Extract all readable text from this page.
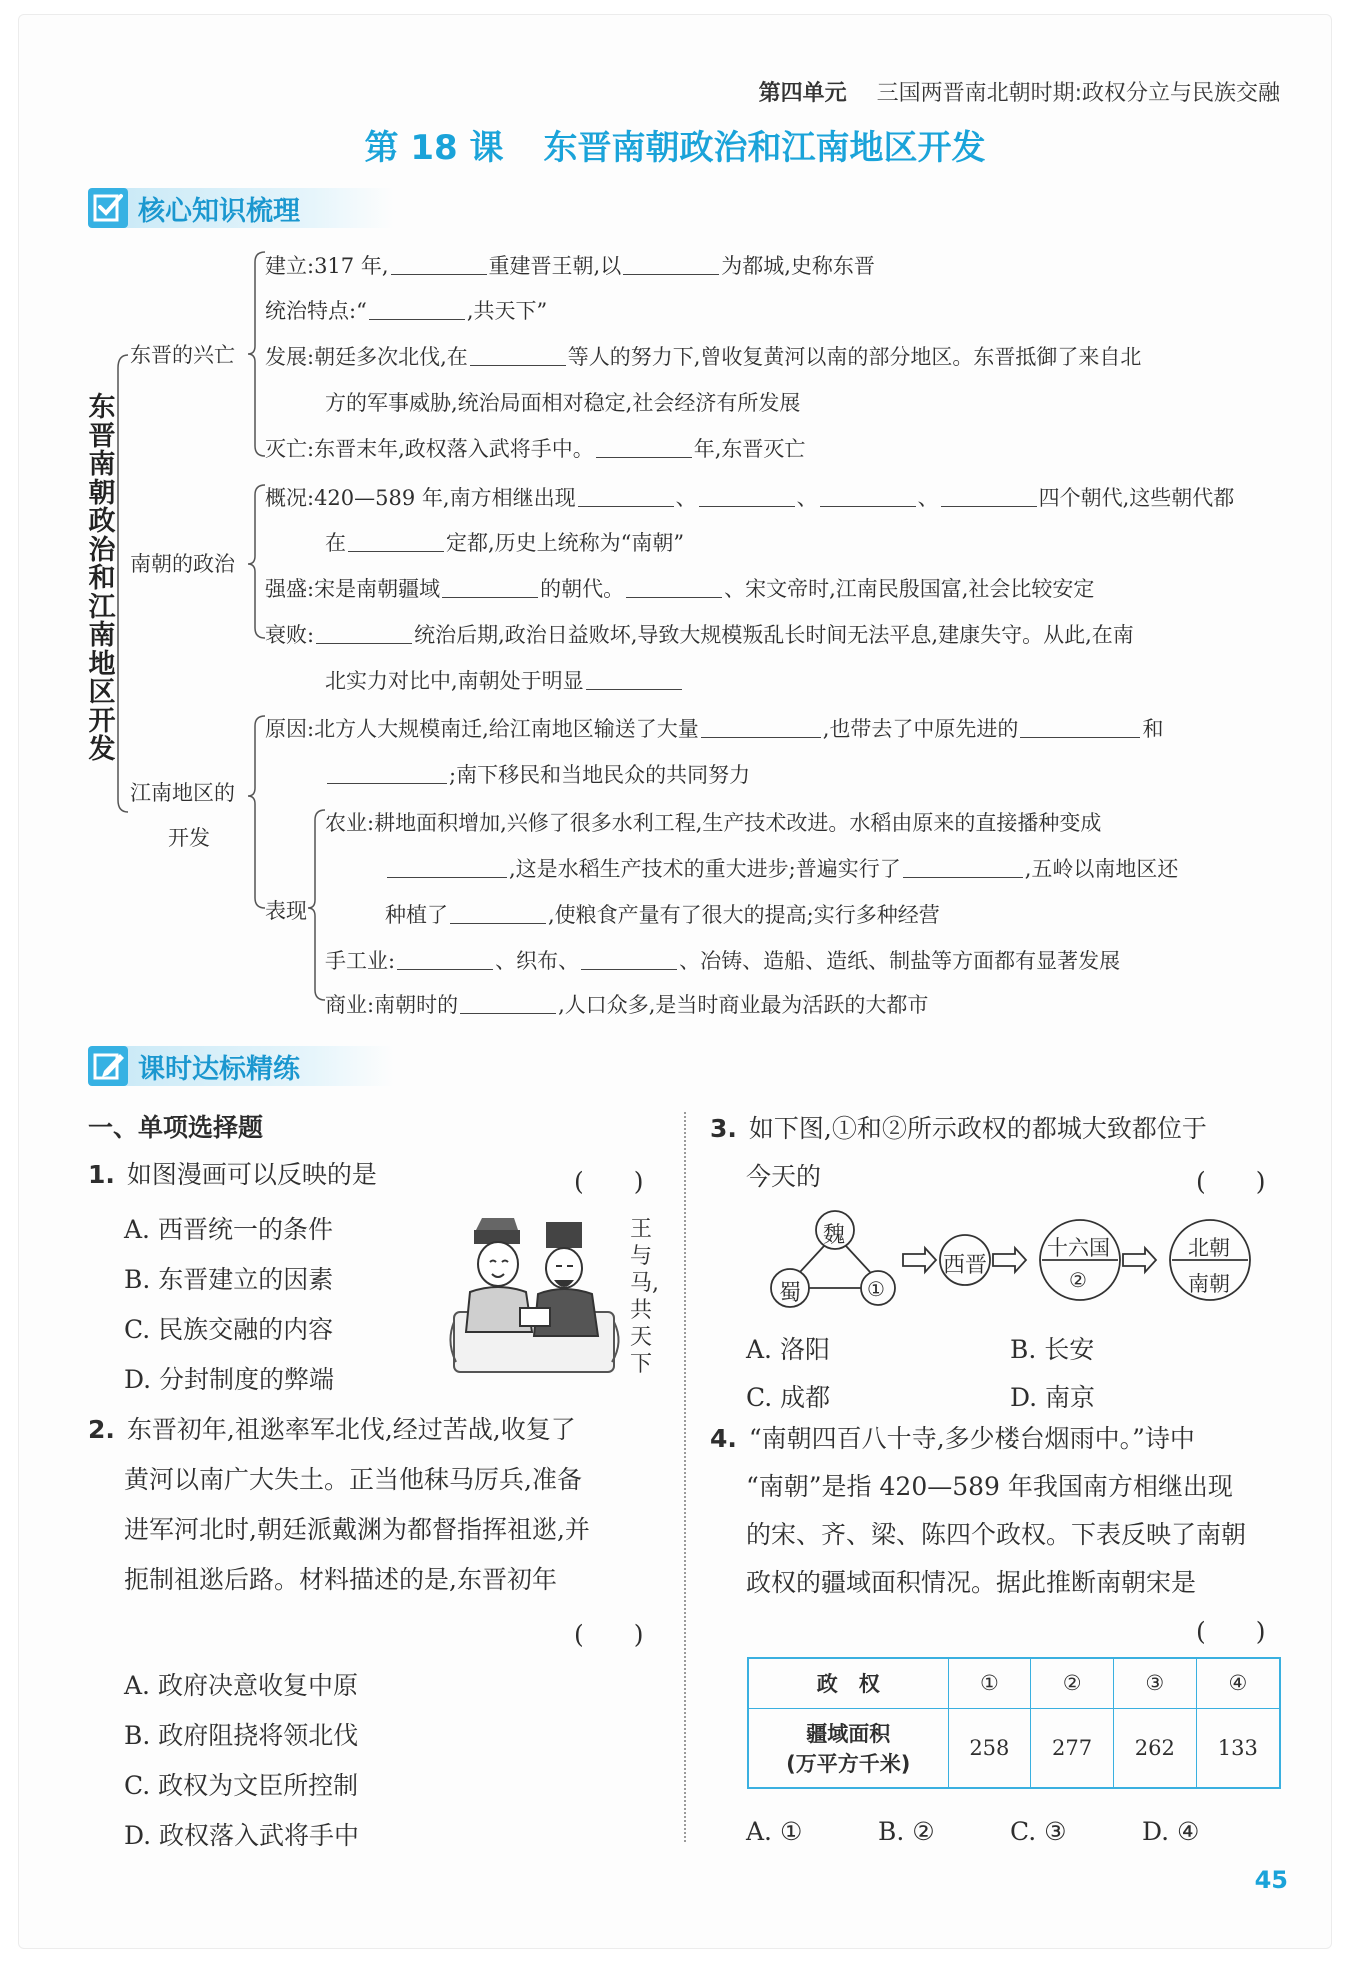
第四单元 三国两晋南北朝时期:政权分立与民族交融
第 18 课 东晋南朝政治和江南地区开发
核心知识梳理
东晋南朝政治和江南地区开发
东晋的兴亡
南朝的政治
江南地区的
开发
建立:317 年,	重建晋王朝,以	为都城,史称东晋
统治特点:“	,共天下”
发展:朝廷多次北伐,在	等人的努力下,曾收复黄河以南的部分地区。东晋抵御了来自北
方的军事威胁,统治局面相对稳定,社会经济有所发展
灭亡:东晋末年,政权落入武将手中。	年,东晋灭亡
概况:420—589 年,南方相继出现	、	、	、	四个朝代,这些朝代都
在	定都,历史上统称为“南朝”
强盛:宋是南朝疆域	的朝代。	、宋文帝时,江南民殷国富,社会比较安定
衰败:	统治后期,政治日益败坏,导致大规模叛乱长时间无法平息,建康失守。从此,在南
北实力对比中,南朝处于明显
原因:北方人大规模南迁,给江南地区输送了大量	,也带去了中原先进的	和
;南下移民和当地民众的共同努力
表现
农业:耕地面积增加,兴修了很多水利工程,生产技术改进。水稻由原来的直接播种变成
,这是水稻生产技术的重大进步;普遍实行了	,五岭以南地区还
种植了	,使粮食产量有了很大的提高;实行多种经营
手工业:	、织布、	、冶铸、造船、造纸、制盐等方面都有显著发展
商业:南朝时的	,人口众多,是当时商业最为活跃的大都市
课时达标精练
一、单项选择题
1. 如图漫画可以反映的是	(　　)
A. 西晋统一的条件
B. 东晋建立的因素
C. 民族交融的内容
D. 分封制度的弊端
王与马,共天下
2. 东晋初年,祖逖率军北伐,经过苦战,收复了
黄河以南广大失土。正当他秣马厉兵,准备
进军河北时,朝廷派戴渊为都督指挥祖逖,并
扼制祖逖后路。材料描述的是,东晋初年
(　　)
A. 政府决意收复中原
B. 政府阻挠将领北伐
C. 政权为文臣所控制
D. 政权落入武将手中
3. 如下图,①和②所示政权的都城大致都位于
今天的	(　　)
魏
蜀	①
西晋
十六国
②
北朝
南朝
A. 洛阳	B. 长安
C. 成都	D. 南京
4. “南朝四百八十寺,多少楼台烟雨中。”诗中
“南朝”是指 420—589 年我国南方相继出现
的宋、齐、梁、陈四个政权。下表反映了南朝
政权的疆域面积情况。据此推断南朝宋是
(　　)
政　权	①	②	③	④

疆域面积
(万平方千米)	258	277	262	133
A. ①	B. ②	C. ③	D. ④
45
